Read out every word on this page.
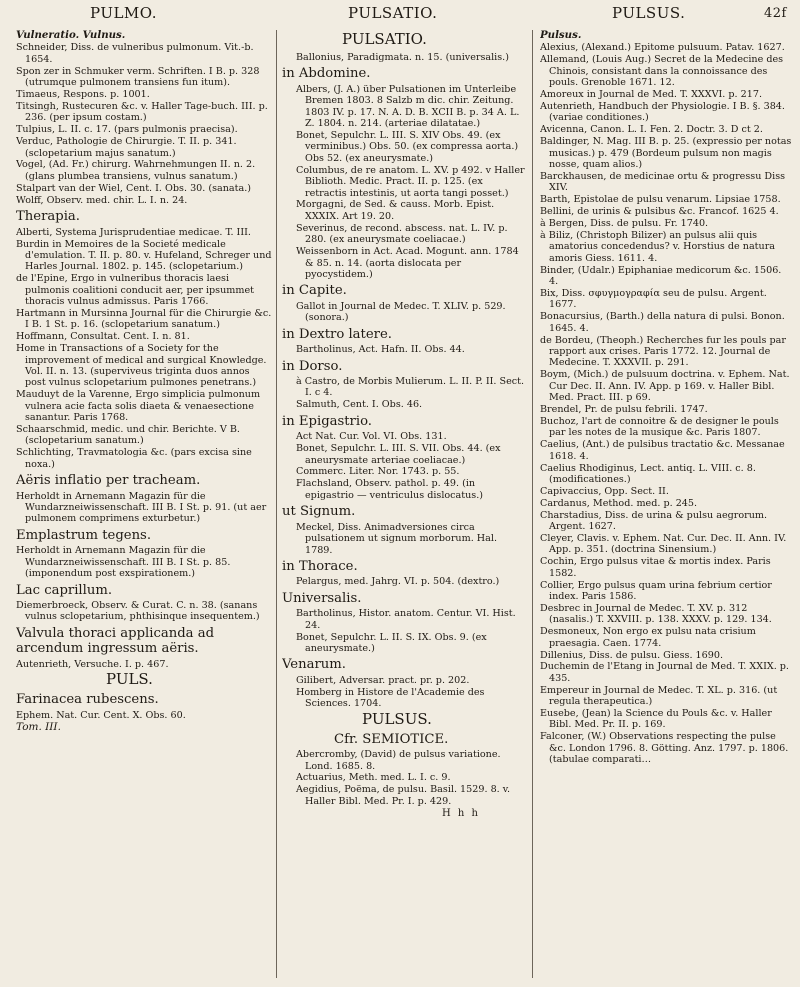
PULMO.	PULSATIO.	PULSUS.	42f
Vulneratio. Vulnus.
Schneider, Diss. de vulneribus pulmonum. Vit.-b. 1654.
Spon zer in Schmuker verm. Schriften. I B. p. 328 (utrumque pulmonem transiens fun itum).
Timaeus, Respons. p. 1001.
Titsingh, Rustecuren &c. v. Haller Tage-buch. III. p. 236. (per ipsum costam.)
Tulpius, L. II. c. 17. (pars pulmonis praecisa).
Verduc, Pathologie de Chirurgie. T. II. p. 341. (sclopetarium majus sanatum.)
Vogel, (Ad. Fr.) chirurg. Wahrnehmungen II. n. 2. (glans plumbea transiens, vulnus sanatum.)
Stalpart van der Wiel, Cent. I. Obs. 30. (sanata.)
Wolff, Observ. med. chir. L. I. n. 24.
Therapia.
Alberti, Systema Jurisprudentiae medicae. T. III.
Burdin in Memoires de la Societé medicale d'emulation. T. II. p. 80. v. Hufeland, Schreger und Harles Journal. 1802. p. 145. (sclopetarium.)
de l'Epine, Ergo in vulneribus thoracis laesi pulmonis coalitioni conducit aer, per ipsummet thoracis vulnus admissus. Paris 1766.
Hartmann in Mursinna Journal für die Chirurgie &c. I B. 1 St. p. 16. (sclopetarium sanatum.)
Hoffmann, Consultat. Cent. I. n. 81.
Home in Transactions of a Society for the improvement of medical and surgical Knowledge. Vol. II. n. 13. (superviveus triginta duos annos post vulnus sclopetarium pulmones penetrans.)
Mauduyt de la Varenne, Ergo simplicia pulmonum vulnera acie facta solis diaeta & venaesectione sanantur. Paris 1768.
Schaarschmid, medic. und chir. Berichte. V B. (sclopetarium sanatum.)
Schlichting, Travmatologia &c. (pars excisa sine noxa.)
Aëris inflatio per tracheam.
Herholdt in Arnemann Magazin für die Wundarzneiwissenschaft. III B. I St. p. 91. (ut aer pulmonem comprimens exturbetur.)
Emplastrum tegens.
Herholdt in Arnemann Magazin für die Wundarzneiwissenschaft. III B. I St. p. 85. (imponendum post exspirationem.)
Lac caprillum.
Diemerbroeck, Observ. & Curat. C. n. 38. (sanans vulnus sclopetarium, phthisinque insequentem.)
Valvula thoraci applicanda ad arcendum ingressum aëris.
Autenrieth, Versuche. I. p. 467.
PULS.
Farinacea rubescens.
Ephem. Nat. Cur. Cent. X. Obs. 60.
Tom. III.
PULSATIO.
Ballonius, Paradigmata. n. 15. (universalis.)
in Abdomine.
Albers, (J. A.) über Pulsationen im Unterleibe Bremen 1803. 8 Salzb m dic. chir. Zeitung. 1803 IV. p. 17. N. A. D. B. XCII B. p. 34 A. L. Z. 1804. n. 214. (arteriae dilatatae.)
Bonet, Sepulchr. L. III. S. XIV Obs. 49. (ex verminibus.) Obs. 50. (ex compressa aorta.) Obs 52. (ex aneurysmate.)
Columbus, de re anatom. L. XV. p 492. v Haller Biblioth. Medic. Pract. II. p. 125. (ex retractis intestinis, ut aorta tangi posset.)
Morgagni, de Sed. & causs. Morb. Epist. XXXIX. Art 19. 20.
Severinus, de recond. abscess. nat. L. IV. p. 280. (ex aneurysmate coeliacae.)
Weissenborn in Act. Acad. Mogunt. ann. 1784 & 85. n. 14. (aorta dislocata per pyocystidem.)
in Capite.
Gallot in Journal de Medec. T. XLIV. p. 529. (sonora.)
in Dextro latere.
Bartholinus, Act. Hafn. II. Obs. 44.
in Dorso.
à Castro, de Morbis Mulierum. L. II. P. II. Sect. I. c 4.
Salmuth, Cent. I. Obs. 46.
in Epigastrio.
Act Nat. Cur. Vol. VI. Obs. 131.
Bonet, Sepulchr. L. III. S. VII. Obs. 44. (ex aneurysmate arteriae coeliacae.)
Commerc. Liter. Nor. 1743. p. 55.
Flachsland, Observ. pathol. p. 49. (in epigastrio — ventriculus dislocatus.)
ut Signum.
Meckel, Diss. Animadversiones circa pulsationem ut signum morborum. Hal. 1789.
in Thorace.
Pelargus, med. Jahrg. VI. p. 504. (dextro.)
Universalis.
Bartholinus, Histor. anatom. Centur. VI. Hist. 24.
Bonet, Sepulchr. L. II. S. IX. Obs. 9. (ex aneurysmate.)
Venarum.
Gilibert, Adversar. pract. pr. p. 202.
Homberg in Histore de l'Academie des Sciences. 1704.
PULSUS.
Cfr. SEMIOTICE.
Abercromby, (David) de pulsus variatione. Lond. 1685. 8.
Actuarius, Meth. med. L. I. c. 9.
Aegidius, Poëma, de pulsu. Basil. 1529. 8. v. Haller Bibl. Med. Pr. I. p. 429.
H h h
Pulsus.
Alexius, (Alexand.) Epitome pulsuum. Patav. 1627.
Allemand, (Louis Aug.) Secret de la Medecine des Chinois, consistant dans la connoissance des pouls. Grenoble 1671. 12.
Amoreux in Journal de Med. T. XXXVI. p. 217.
Autenrieth, Handbuch der Physiologie. I B. §. 384. (variae conditiones.)
Avicenna, Canon. L. I. Fen. 2. Doctr. 3. D ct 2.
Baldinger, N. Mag. III B. p. 25. (expressio per notas musicas.) p. 479 (Bordeum pulsum non magis nosse, quam alios.)
Barckhausen, de medicinae ortu & progressu Diss XIV.
Barth, Epistolae de pulsu venarum. Lipsiae 1758.
Bellini, de urinis & pulsibus &c. Francof. 1625 4.
à Bergen, Diss. de pulsu. Fr. 1740.
à Biliz, (Christoph Bilizer) an pulsus alii quis amatorius concedendus? v. Horstius de natura amoris Giess. 1611. 4.
Binder, (Udalr.) Epiphaniae medicorum &c. 1506. 4.
Bix, Diss. σφυγμογραφία seu de pulsu. Argent. 1677.
Bonacursius, (Barth.) della natura di pulsi. Bonon. 1645. 4.
de Bordeu, (Theoph.) Recherches fur les pouls par rapport aux crises. Paris 1772. 12. Journal de Medecine. T. XXXVII. p. 291.
Boym, (Mich.) de pulsuum doctrina. v. Ephem. Nat. Cur Dec. II. Ann. IV. App. p 169. v. Haller Bibl. Med. Pract. III. p 69.
Brendel, Pr. de pulsu febrili. 1747.
Buchoz, l'art de connoitre & de designer le pouls par les notes de la musique &c. Paris 1807.
Caelius, (Ant.) de pulsibus tractatio &c. Messanae 1618. 4.
Caelius Rhodiginus, Lect. antiq. L. VIII. c. 8. (modificationes.)
Capivaccius, Opp. Sect. II.
Cardanus, Method. med. p. 245.
Charstadius, Diss. de urina & pulsu aegrorum. Argent. 1627.
Cleyer, Clavis. v. Ephem. Nat. Cur. Dec. II. Ann. IV. App. p. 351. (doctrina Sinensium.)
Cochin, Ergo pulsus vitae & mortis index. Paris 1582.
Collier, Ergo pulsus quam urina febrium certior index. Paris 1586.
Desbrec in Journal de Medec. T. XV. p. 312 (nasalis.) T. XXVIII. p. 138. XXXV. p. 129. 134.
Desmoneux, Non ergo ex pulsu nata crisium praesagia. Caen. 1774.
Dillenius, Diss. de pulsu. Giess. 1690.
Duchemin de l'Etang in Journal de Med. T. XXIX. p. 435.
Empereur in Journal de Medec. T. XL. p. 316. (ut regula therapeutica.)
Eusebe, (Jean) la Science du Pouls &c. v. Haller Bibl. Med. Pr. II. p. 169.
Falconer, (W.) Observations respecting the pulse &c. London 1796. 8. Götting. Anz. 1797. p. 1806. (tabulae comparati…
